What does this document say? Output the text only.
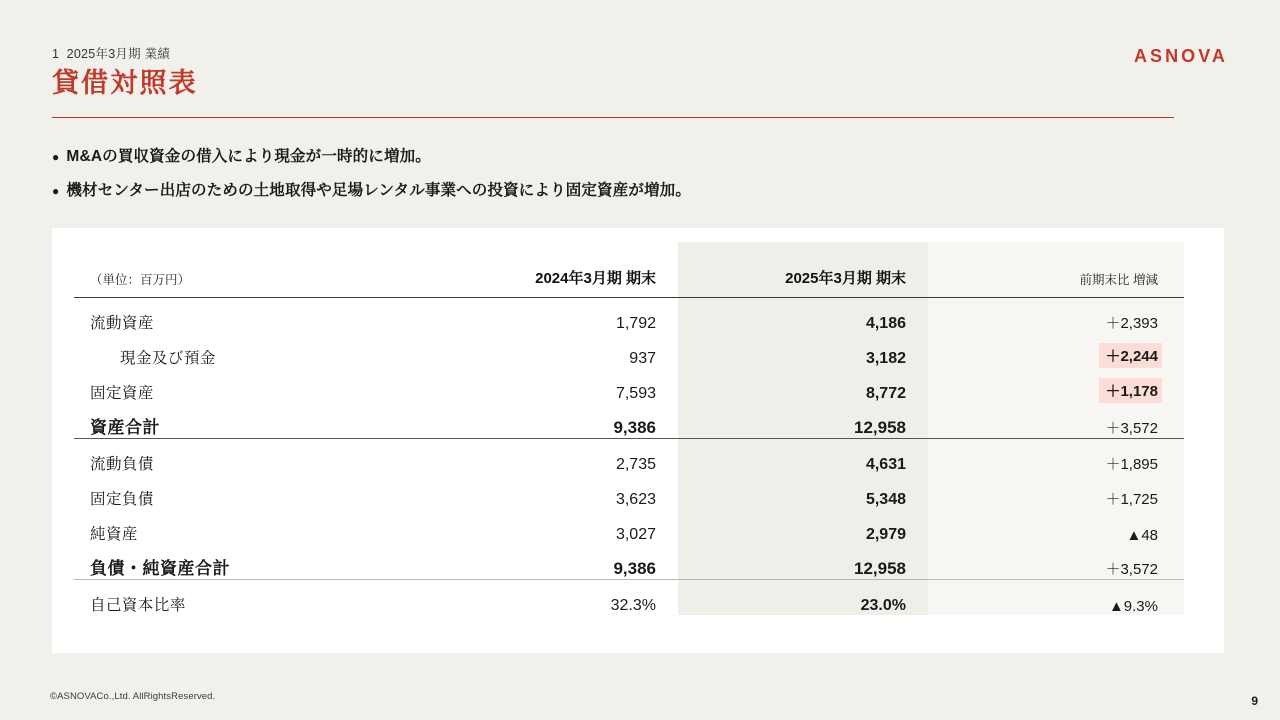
1  2025年3月期 業績

貸借対照表
ASNOVA
● M&Aの買収資金の借入により現金が一時的に増加。
● 機材センター出店のための土地取得や足場レンタル事業への投資により固定資産が増加。
（単位：百万円）	2024年3月期 期末	2025年3月期 期末	前期末比 増減
流動資産	1,792	4,186	＋2,393
現金及び預金	937	3,182	＋2,244
固定資産	7,593	8,772	＋1,178
資産合計	9,386	12,958	＋3,572
流動負債	2,735	4,631	＋1,895
固定負債	3,623	5,348	＋1,725
純資産	3,027	2,979	▲48
負債・純資産合計	9,386	12,958	＋3,572
自己資本比率	32.3%	23.0%	▲9.3%
©ASNOVACo.,Ltd. AllRightsReserved.	9
